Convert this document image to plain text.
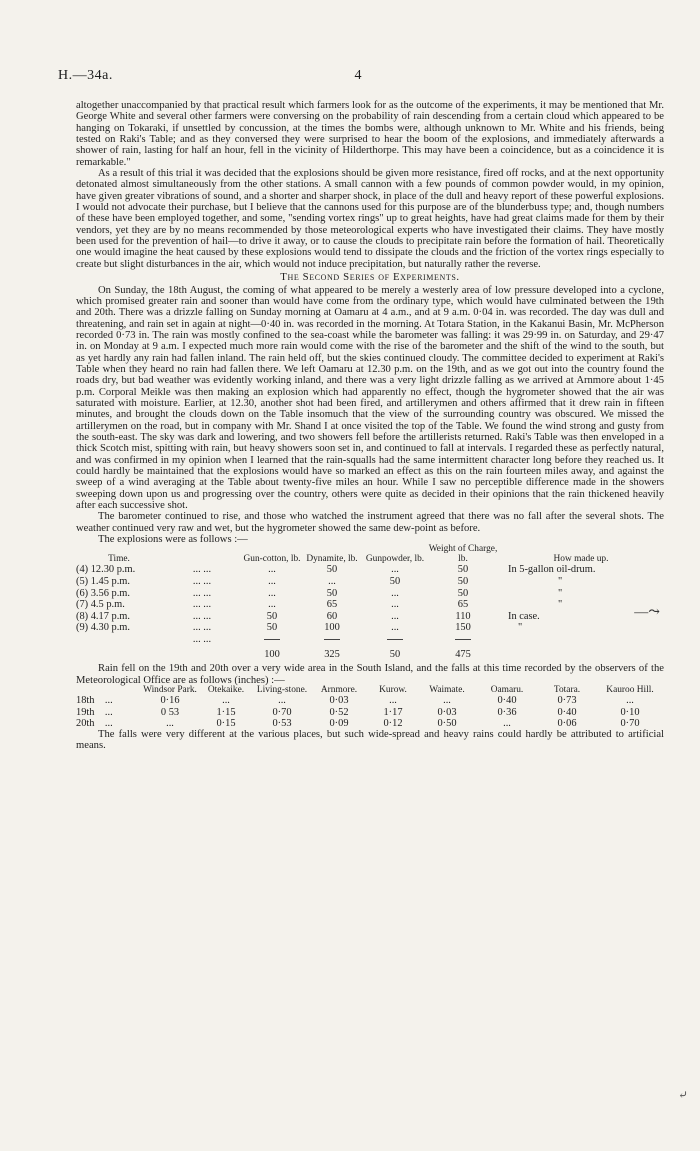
H.—34a.	4

altogether unaccompanied by that practical result which farmers look for as the outcome of the experiments, it may be mentioned that Mr. George White and several other farmers were conversing on the probability of rain descending from a certain cloud which appeared to be hanging on Tokaraki, if unsettled by concussion, at the times the bombs were, although unknown to Mr. White and his friends, being tested on Raki's Table; and as they conversed they were surprised to hear the boom of the explosions, and immediately afterwards a shower of rain, lasting for half an hour, fell in the vicinity of Hilderthorpe. This may have been a coincidence, but as a coincidence it is remarkable."

As a result of this trial it was decided that the explosions should be given more resistance, fired off rocks, and at the next opportunity detonated almost simultaneously from the other stations. A small cannon with a few pounds of common powder would, in my opinion, have given greater vibrations of sound, and a shorter and sharper shock, in place of the dull and heavy report of these powerful explosions. I would not advocate their purchase, but I believe that the cannons used for this purpose are of the blunderbuss type; and, though numbers of these have been employed together, and some, "sending vortex rings" up to great heights, have had great claims made for them by their vendors, yet they are by no means recommended by those meteorological experts who have investigated their claims. They have mostly been used for the prevention of hail—to drive it away, or to cause the clouds to precipitate rain before the formation of hail. Theoretically one would imagine the heat caused by these explosions would tend to dissipate the clouds and the friction of the vortex rings especially to create but slight disturbances in the air, which would not induce precipitation, but naturally rather the reverse.

The Second Series of Experiments.

On Sunday, the 18th August, the coming of what appeared to be merely a westerly area of low pressure developed into a cyclone, which promised greater rain and sooner than would have come from the ordinary type, which would have culminated between the 19th and 20th. There was a drizzle falling on Sunday morning at Oamaru at 4 a.m., and at 9 a.m. 0·04 in. was recorded. The day was dull and threatening, and rain set in again at night—0·40 in. was recorded in the morning. At Totara Station, in the Kakanui Basin, Mr. McPherson recorded 0·73 in. The rain was mostly confined to the sea-coast while the barometer was falling: it was 29·99 in. on Saturday, and 29·47 in. on Monday at 9 a.m. I expected much more rain would come with the rise of the barometer and the shift of the wind to the south, but as yet hardly any rain had fallen inland. The rain held off, but the skies continued cloudy. The committee decided to experiment at Raki's Table when they heard no rain had fallen there. We left Oamaru at 12.30 p.m. on the 19th, and as we got out into the country found the roads dry, but bad weather was evidently working inland, and there was a very light drizzle falling as we arrived at Arnmore about 1·45 p.m. Corporal Meikle was then making an explosion which had apparently no effect, though the hygrometer showed that the air was saturated with moisture. Earlier, at 12.30, another shot had been fired, and artillerymen and others affirmed that it drew rain in fifteen minutes, and brought the clouds down on the Table insomuch that the view of the surrounding country was obscured. We missed the artillerymen on the road, but in company with Mr. Shand I at once visited the top of the Table. We found the wind strong and gusty from the south-east. The sky was dark and lowering, and two showers fell before the artillerists returned. Raki's Table was then enveloped in a thick Scotch mist, spitting with rain, but heavy showers soon set in, and continued to fall at intervals. I regarded these as perfectly natural, and was confirmed in my opinion when I learned that the rain-squalls had the same intermittent character long before they reached us. It could hardly be maintained that the explosions would have so marked an effect as this on the rain fourteen miles away, and against the sweep of a wind averaging at the Table about twenty-five miles an hour. While I saw no perceptible difference made in the showers sweeping down upon us and progressing over the country, others were quite as decided in their opinions that the rain thickened heavily after each successive shot.

The barometer continued to rise, and those who watched the instrument agreed that there was no fall after the several shots. The weather continued very raw and wet, but the hygrometer showed the same dew-point as before.

The explosions were as follows :—

Time.		Gun-cotton, lb.	Dynamite, lb.	Gunpowder, lb.	Weight of Charge, lb.	How made up.
(4) 12.30 p.m.	... ...	...	50	...	50	In 5-gallon oil-drum.
(5) 1.45 p.m.	... ...	...	...	50	50	"
(6) 3.56 p.m.	... ...	...	50	...	50	"
(7) 4.5 p.m.	... ...	...	65	...	65	"
(8) 4.17 p.m.	... ...	50	60	...	110	In case.
(9) 4.30 p.m.	... ...	50	100	...	150	"
	... ...					
		100	325	50	475	

Rain fell on the 19th and 20th over a very wide area in the South Island, and the falls at this time recorded by the observers of the Meteorological Office are as follows (inches) :—

	Windsor Park.	Otekaike.	Living-stone.	Arnmore.	Kurow.	Waimate.	Oamaru.	Totara.	Kauroo Hill.
18th ...	0·16	...	...	0·03	...	...	0·40	0·73	...
19th ...	0 53	1·15	0·70	0·52	1·17	0·03	0·36	0·40	0·10
20th ...	...	0·15	0·53	0·09	0·12	0·50	...	0·06	0·70

The falls were very different at the various places, but such wide-spread and heavy rains could hardly be attributed to artificial means.

—⤳
⤶
